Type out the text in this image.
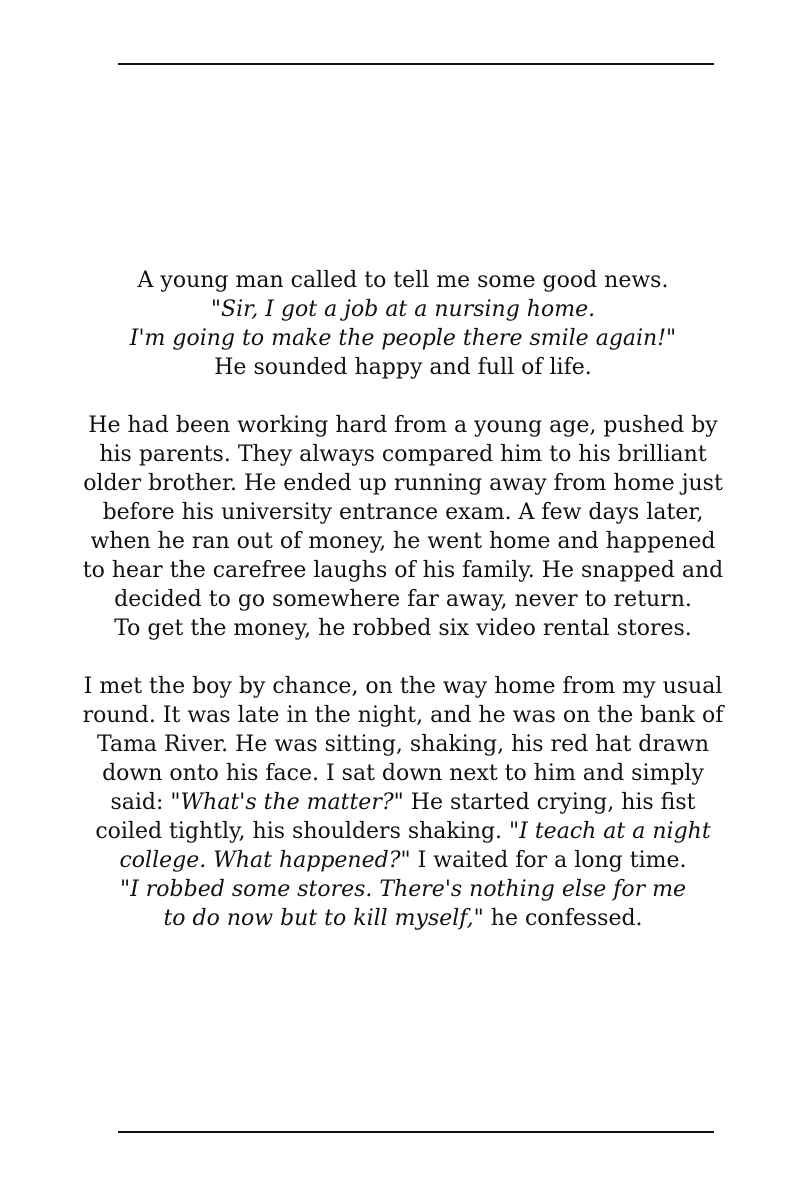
A young man called to tell me some good news.
"Sir, I got a job at a nursing home.
I'm going to make the people there smile again!"
He sounded happy and full of life.

He had been working hard from a young age, pushed by
his parents. They always compared him to his brilliant
older brother. He ended up running away from home just
before his university entrance exam. A few days later,
when he ran out of money, he went home and happened
to hear the carefree laughs of his family. He snapped and
decided to go somewhere far away, never to return.
To get the money, he robbed six video rental stores.

I met the boy by chance, on the way home from my usual
round. It was late in the night, and he was on the bank of
Tama River. He was sitting, shaking, his red hat drawn
down onto his face. I sat down next to him and simply
said: "What's the matter?" He started crying, his fist
coiled tightly, his shoulders shaking. "I teach at a night
college. What happened?" I waited for a long time.
"I robbed some stores. There's nothing else for me
to do now but to kill myself," he confessed.
